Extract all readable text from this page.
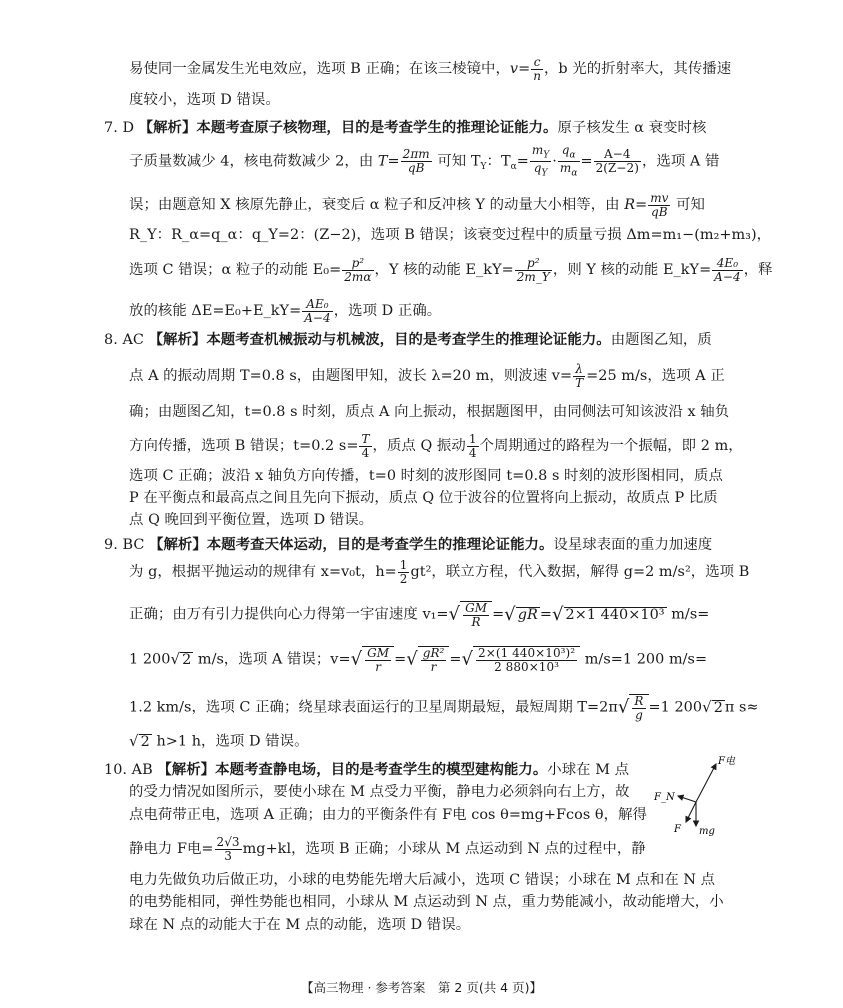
易使同一金属发生光电效应，选项 B 正确；在该三棱镜中，$v= \frac{c}{n}$ ，b 光的折射率大，其传播速
度较小，选项 D 错误。
7. D 【解析】本题考查原子核物理，目的是考查学生的推理论证能力。原子核发生 α 衰变时核
子质量数减少 4，核电荷数减少 2，由 $T= \frac{2\pi m}{qB}$ 可知 $T_Y$：$T_\alpha= \frac{m_Y}{q_Y} \cdot \frac{q_\alpha}{m_\alpha} = \frac{A-4}{2(Z-2)}$ ，选项 A 错
误；由题意知 X 核原先静止，衰变后 α 粒子和反冲核 Y 的动量大小相等，由 $R= \frac{mv}{qB}$ 可知
R_Y：R_α=q_α：q_Y=2：(Z−2)，选项 B 错误；该衰变过程中的质量亏损 Δm=m₁−(m₂+m₃)，
选项 C 错误；α 粒子的动能 $E_0= \frac{\text{p²}}{2m\alpha}$ ，Y 核的动能 E_kY= $\frac{\text{p²}}{2m\_Y}$ ，则 Y 核的动能 E_kY= $\frac{\text{4E₀}}{A-4}$ ，释
放的核能 ΔE=E₀+E_kY= $\frac{\text{AE₀}}{A-4}$ ，选项 D 正确。
8. AC 【解析】本题考查机械振动与机械波，目的是考查学生的推理论证能力。由题图乙知，质
点 A 的振动周期 T=0.8 s，由题图甲知，波长 λ=20 m，则波速 $v= \frac{\lambda}{T} =25$ m/s，选项 A 正
确；由题图乙知，t=0.8 s 时刻，质点 A 向上振动，根据题图甲，由同侧法可知该波沿 x 轴负
方向传播，选项 B 错误；t=0.2 $s= \frac{T}{4}$ ，质点 Q 振动 $\frac{1}{4}$ 个周期通过的路程为一个振幅，即 2 m，
选项 C 正确；波沿 x 轴负方向传播，t=0 时刻的波形图同 t=0.8 s 时刻的波形图相同，质点
P 在平衡点和最高点之间且先向下振动，质点 Q 位于波谷的位置将向上振动，故质点 P 比质
点 Q 晚回到平衡位置，选项 D 错误。
9. BC 【解析】本题考查天体运动，目的是考查学生的推理论证能力。设星球表面的重力加速度
为 g，根据平抛运动的规律有 x=v₀t，$h= \frac{1}{2} gt^2$，联立方程，代入数据，解得 g=2 m/s²，选项 B
正确；由万有引力提供向心力得第一宇宙速度 $v_1=√ \frac{GM}{R}$ =√ gR =√ 2×1 440×10³ m/s=
1 200√ 2 m/s，选项 A 错误；$v=√ \frac{GM}{r}$ =√ $\frac{\text{gR²}}{r}$ =√ $\frac{\text{2×(1 440×10³)²}}{\text{2 880×10³}} m/s=1$ 200 m/s=
1.2 km/s，选项 C 正确；绕星球表面运行的卫星周期最短，最短周期 $T=2\pi√ \frac{R}{g} =1$ 200√ 2 π s≈
√ 2 h>1 h，选项 D 错误。
10. AB 【解析】本题考查静电场，目的是考查学生的模型建构能力。小球在 M 点
的受力情况如图所示，要使小球在 M 点受力平衡，静电力必须斜向右上方，故
点电荷带正电，选项 A 正确；由力的平衡条件有 F电 cos θ=mg+Fcos θ，解得
静电力 F电= $\frac{2√3}{3} mg+kl$，选项 B 正确；小球从 M 点运动到 N 点的过程中，静
电力先做负功后做正功，小球的电势能先增大后减小，选项 C 错误；小球在 M 点和在 N 点
的电势能相同，弹性势能也相同，小球从 M 点运动到 N 点，重力势能减小，故动能增大，小
球在 N 点的动能大于在 M 点的动能，选项 D 错误。
F电
F_N
F mg
【高三物理 · 参考答案　第 2 页(共 4 页)】
